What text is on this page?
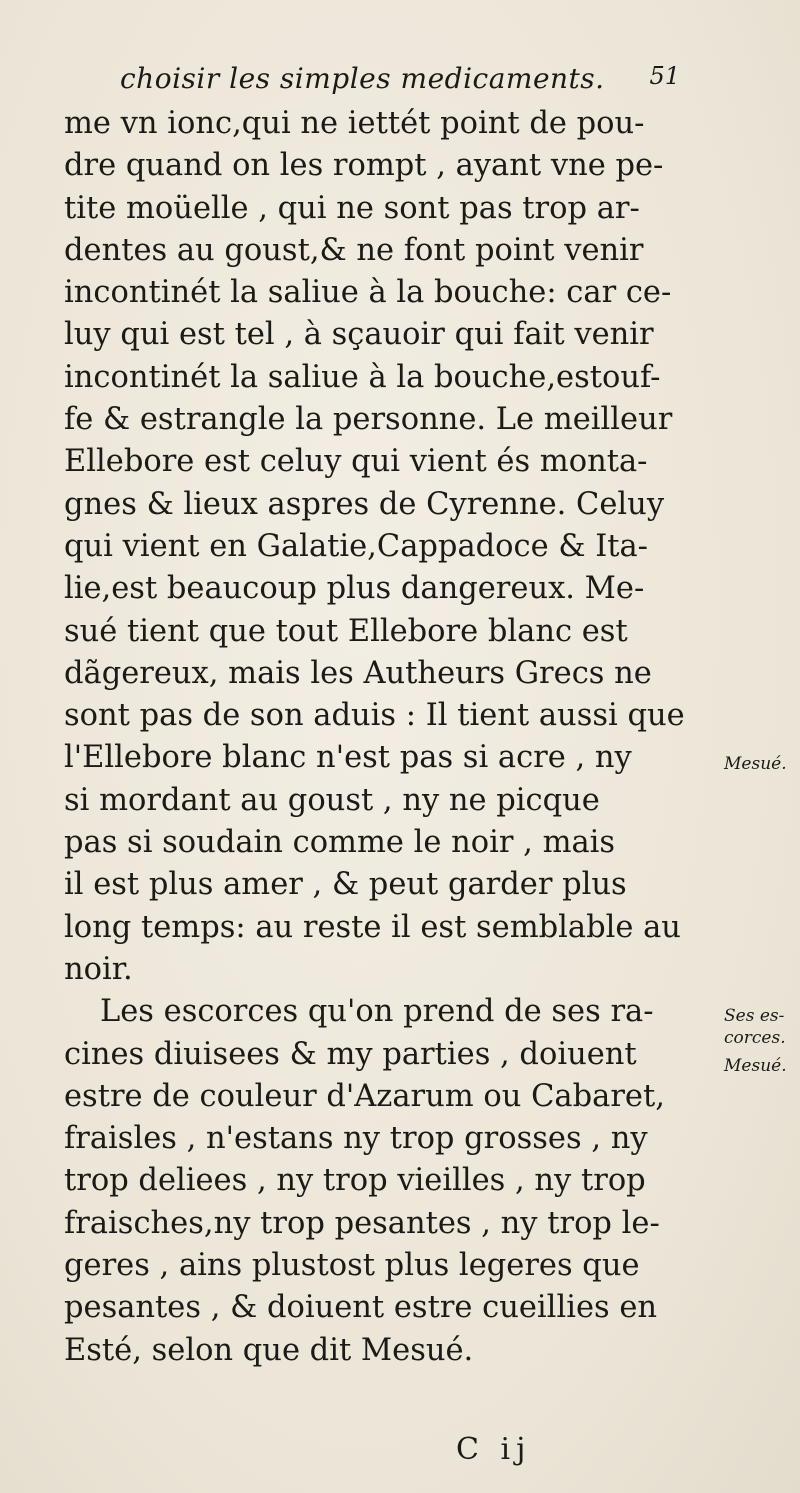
choisir les simples medicaments. 51
me vn ionc,qui ne iettét point de pou-
dre quand on les rompt , ayant vne pe-
tite moüelle , qui ne sont pas trop ar-
dentes au goust,& ne font point venir
incontinét la saliue à la bouche: car ce-
luy qui est tel , à sçauoir qui fait venir
incontinét la saliue à la bouche,estouf-
fe & estrangle la personne. Le meilleur
Ellebore est celuy qui vient és monta-
gnes & lieux aspres de Cyrenne. Celuy
qui vient en Galatie,Cappadoce & Ita-
lie,est beaucoup plus dangereux. Me-
sué tient que tout Ellebore blanc est
dãgereux, mais les Autheurs Grecs ne
sont pas de son aduis : Il tient aussi que
l'Ellebore blanc n'est pas si acre , ny
si mordant au goust , ny ne picque
pas si soudain comme le noir , mais
il est plus amer , & peut garder plus
long temps: au reste il est semblable au
noir.
Les escorces qu'on prend de ses ra-
cines diuisees & my parties , doiuent
estre de couleur d'Azarum ou Cabaret,
fraisles , n'estans ny trop grosses , ny
trop deliees , ny trop vieilles , ny trop
fraisches,ny trop pesantes , ny trop le-
geres , ains plustost plus legeres que
pesantes , & doiuent estre cueillies en
Esté, selon que dit Mesué.
Mesué.
Ses es-corces.
Mesué.
C ij
